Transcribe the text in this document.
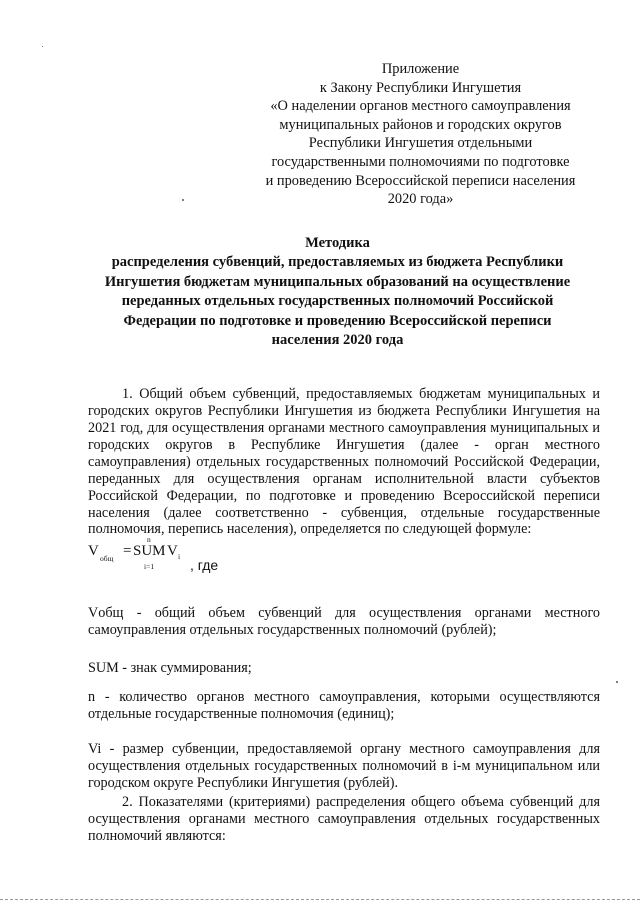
Приложение
к Закону Республики Ингушетия
«О наделении органов местного самоуправления
муниципальных районов и городских округов
Республики Ингушетия отдельными
государственными полномочиями по подготовке
и проведению Всероссийской переписи населения
2020 года»
Методика
распределения субвенций, предоставляемых из бюджета Республики
Ингушетия бюджетам муниципальных образований на осуществление
переданных отдельных государственных полномочий Российской
Федерации по подготовке и проведению Всероссийской переписи
населения 2020 года

1. Общий объем субвенций, предоставляемых бюджетам муниципальных и городских округов Республики Ингушетия из бюджета Республики Ингушетия на 2021 год, для осуществления органами местного самоуправления муниципальных и городских округов в Республике Ингушетия (далее - орган местного самоуправления) отдельных государственных полномочий Российской Федерации, переданных для осуществления органам исполнительной власти субъектов Российской Федерации, по подготовке и проведению Всероссийской переписи населения (далее соответственно - субвенция, отдельные государственные полномочия, перепись населения), определяется по следующей формуле:

V общ = SUM
n
i=1
V i
, где

Vобщ - общий объем субвенций для осуществления органами местного самоуправления отдельных государственных полномочий (рублей);

SUM - знак суммирования;

n - количество органов местного самоуправления, которыми осуществляются отдельные государственные полномочия (единиц);

Vi - размер субвенции, предоставляемой органу местного самоуправления для осуществления отдельных государственных полномочий в i-м муниципальном или городском округе Республики Ингушетия (рублей).

2. Показателями (критериями) распределения общего объема субвенций для осуществления органами местного самоуправления отдельных государственных полномочий являются:
